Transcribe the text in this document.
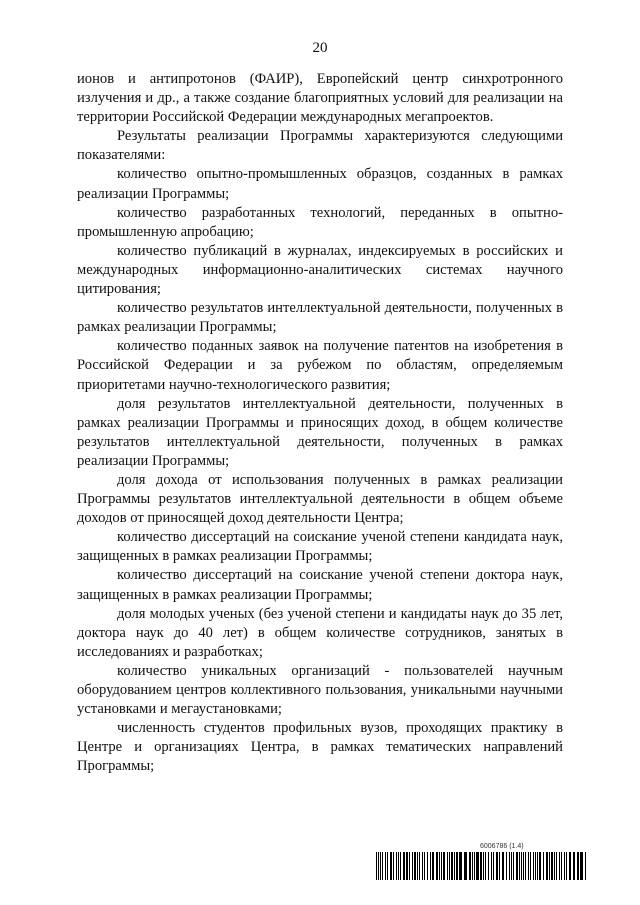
20

ионов и антипротонов (ФАИР), Европейский центр синхротронного излучения и др., а также создание благоприятных условий для реализации на территории Российской Федерации международных мегапроектов.

Результаты реализации Программы характеризуются следующими показателями:

количество опытно-промышленных образцов, созданных в рамках реализации Программы;

количество разработанных технологий, переданных в опытно-промышленную апробацию;

количество публикаций в журналах, индексируемых в российских и международных информационно-аналитических системах научного цитирования;

количество результатов интеллектуальной деятельности, полученных в рамках реализации Программы;

количество поданных заявок на получение патентов на изобретения в Российской Федерации и за рубежом по областям, определяемым приоритетами научно-технологического развития;

доля результатов интеллектуальной деятельности, полученных в рамках реализации Программы и приносящих доход, в общем количестве результатов интеллектуальной деятельности, полученных в рамках реализации Программы;

доля дохода от использования полученных в рамках реализации Программы результатов интеллектуальной деятельности в общем объеме доходов от приносящей доход деятельности Центра;

количество диссертаций на соискание ученой степени кандидата наук, защищенных в рамках реализации Программы;

количество диссертаций на соискание ученой степени доктора наук, защищенных в рамках реализации Программы;

доля молодых ученых (без ученой степени и кандидаты наук до 35 лет, доктора наук до 40 лет) в общем количестве сотрудников, занятых в исследованиях и разработках;

количество уникальных организаций - пользователей научным оборудованием центров коллективного пользования, уникальными научными установками и мегаустановками;

численность студентов профильных вузов, проходящих практику в Центре и организациях Центра, в рамках тематических направлений Программы;

6006786 (1.4)
